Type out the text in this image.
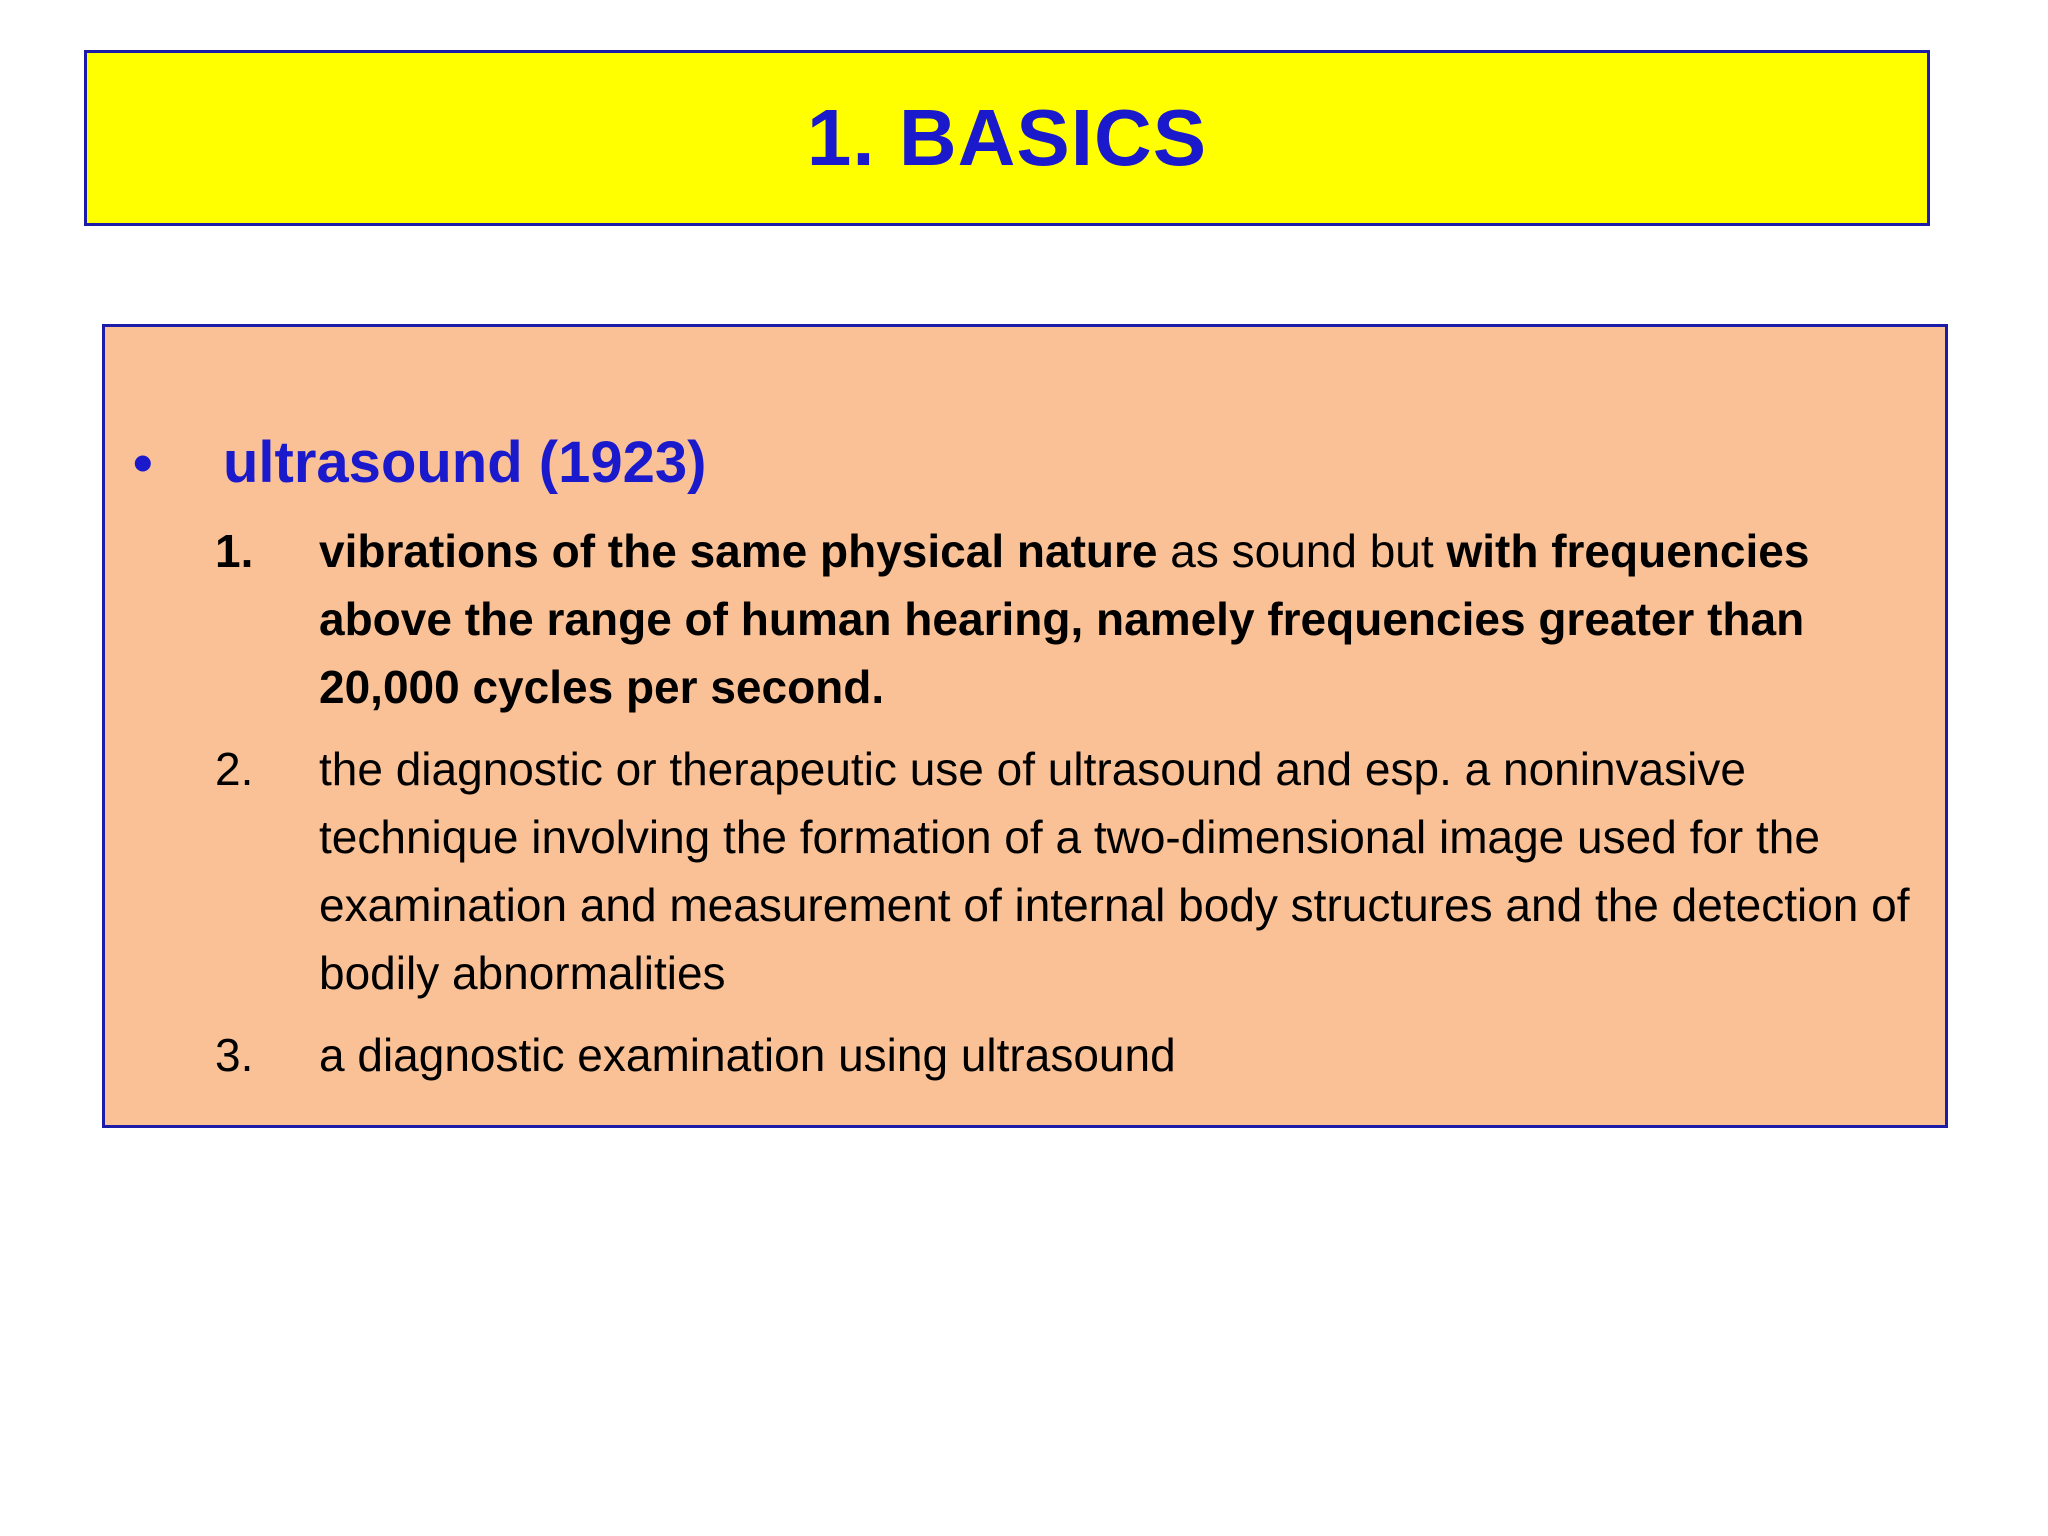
1. BASICS
•	ultrasound (1923)
1.	vibrations of the same physical nature as sound but with frequencies above the range of human hearing, namely frequencies greater than 20,000 cycles per second.
2.	the diagnostic or therapeutic use of ultrasound and esp. a noninvasive technique involving the formation of a two-dimensional image used for the examination and measurement of internal body structures and the detection of bodily abnormalities
3.	a diagnostic examination using ultrasound
